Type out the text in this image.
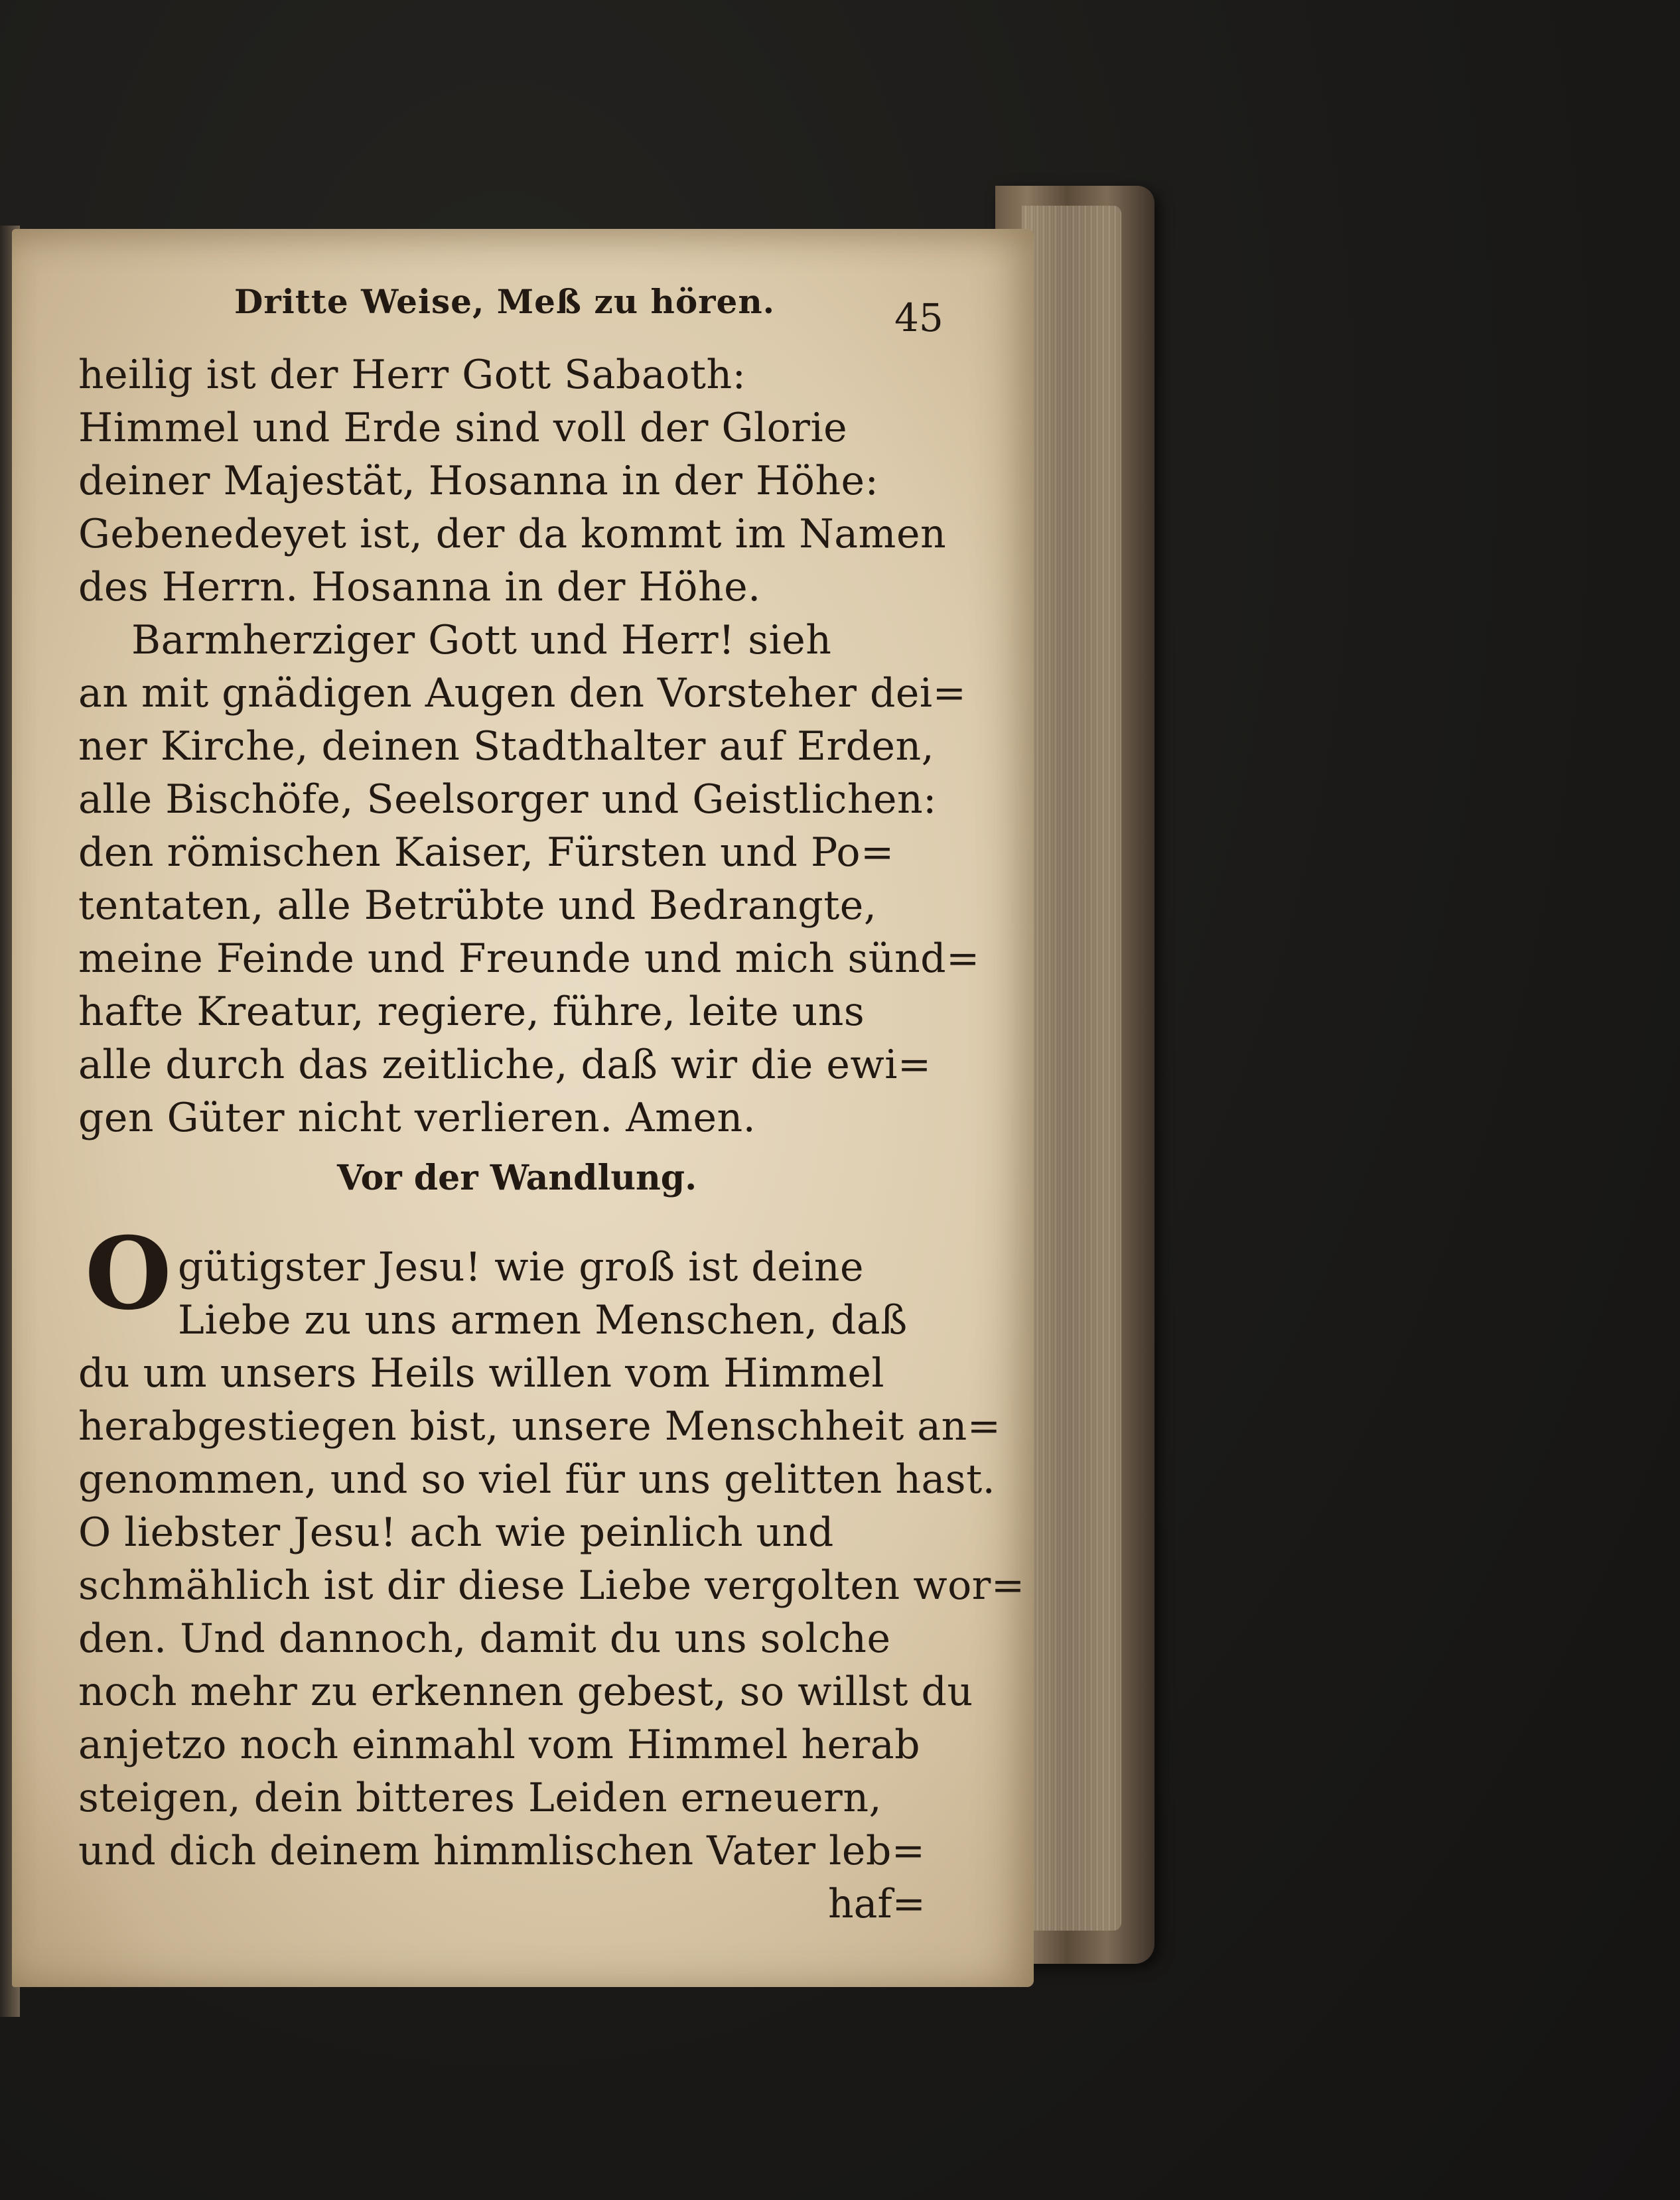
Dritte Weise, Meß zu hören.	45
heilig ist der Herr Gott Sabaoth:
Himmel und Erde sind voll der Glorie
deiner Majestät, Hosanna in der Höhe:
Gebenedeyet ist, der da kommt im Namen
des Herrn. Hosanna in der Höhe.
Barmherziger Gott und Herr! sieh
an mit gnädigen Augen den Vorsteher dei=
ner Kirche, deinen Stadthalter auf Erden,
alle Bischöfe, Seelsorger und Geistlichen:
den römischen Kaiser, Fürsten und Po=
tentaten, alle Betrübte und Bedrangte,
meine Feinde und Freunde und mich sünd=
hafte Kreatur, regiere, führe, leite uns
alle durch das zeitliche, daß wir die ewi=
gen Güter nicht verlieren. Amen.
Vor der Wandlung.
O gütigster Jesu! wie groß ist deine
Liebe zu uns armen Menschen, daß
du um unsers Heils willen vom Himmel
herabgestiegen bist, unsere Menschheit an=
genommen, und so viel für uns gelitten hast.
O liebster Jesu! ach wie peinlich und
schmählich ist dir diese Liebe vergolten wor=
den. Und dannoch, damit du uns solche
noch mehr zu erkennen gebest, so willst du
anjetzo noch einmahl vom Himmel herab
steigen, dein bitteres Leiden erneuern,
und dich deinem himmlischen Vater leb=
haf=
